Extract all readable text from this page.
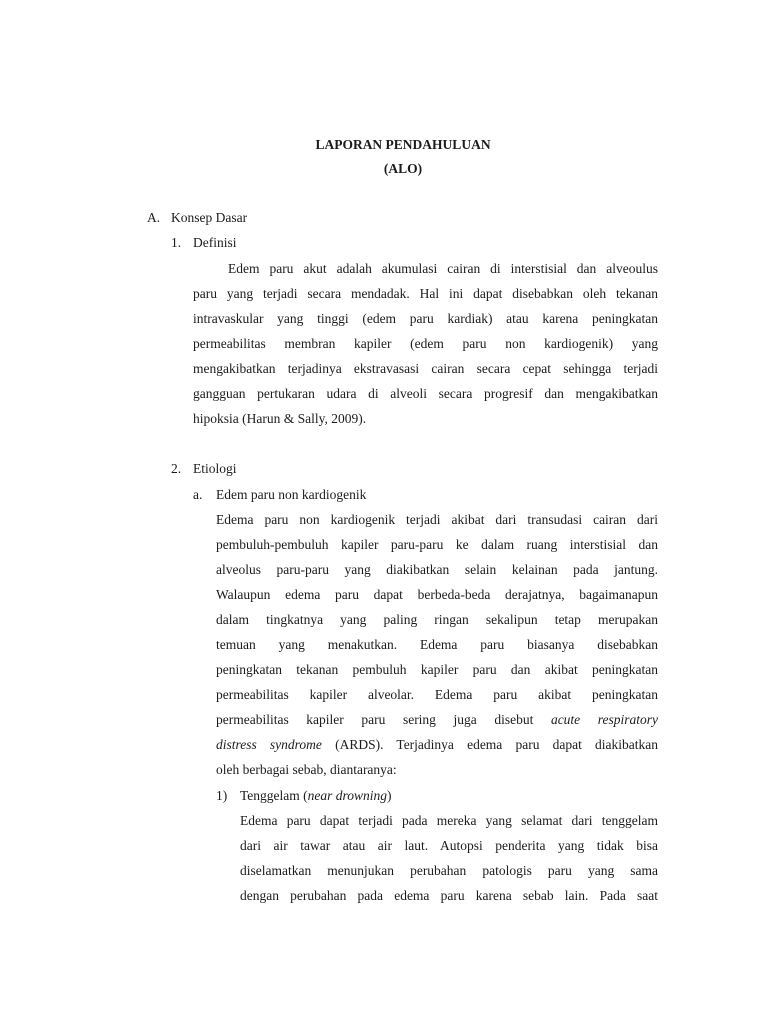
LAPORAN PENDAHULUAN
(ALO)
A. Konsep Dasar
1. Definisi
Edem paru akut adalah akumulasi cairan di interstisial dan alveoulus
paru yang terjadi secara mendadak. Hal ini dapat disebabkan oleh tekanan
intravaskular yang tinggi (edem paru kardiak) atau karena peningkatan
permeabilitas membran kapiler (edem paru non kardiogenik) yang
mengakibatkan terjadinya ekstravasasi cairan secara cepat sehingga terjadi
gangguan pertukaran udara di alveoli secara progresif dan mengakibatkan
hipoksia (Harun & Sally, 2009).
2. Etiologi
a. Edem paru non kardiogenik
Edema paru non kardiogenik terjadi akibat dari transudasi cairan dari
pembuluh-pembuluh kapiler paru-paru ke dalam ruang interstisial dan
alveolus paru-paru yang diakibatkan selain kelainan pada jantung.
Walaupun edema paru dapat berbeda-beda derajatnya, bagaimanapun
dalam tingkatnya yang paling ringan sekalipun tetap merupakan
temuan yang menakutkan. Edema paru biasanya disebabkan
peningkatan tekanan pembuluh kapiler paru dan akibat peningkatan
permeabilitas kapiler alveolar. Edema paru akibat peningkatan
permeabilitas kapiler paru sering juga disebut acute respiratory
distress syndrome (ARDS). Terjadinya edema paru dapat diakibatkan
oleh berbagai sebab, diantaranya:
1) Tenggelam (near drowning)
Edema paru dapat terjadi pada mereka yang selamat dari tenggelam
dari air tawar atau air laut. Autopsi penderita yang tidak bisa
diselamatkan menunjukan perubahan patologis paru yang sama
dengan perubahan pada edema paru karena sebab lain. Pada saat
